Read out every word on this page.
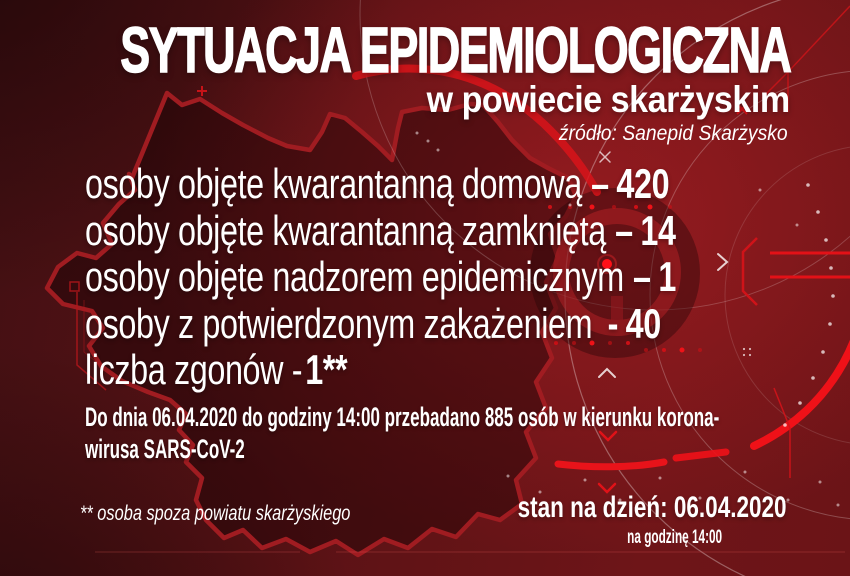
SYTUACJA EPIDEMIOLOGICZNA
w powiecie skarżyskim
źródło: Sanepid Skarżysko
osoby objęte kwarantanną domową – 420
osoby objęte kwarantanną zamkniętą – 14
osoby objęte nadzorem epidemicznym – 1
osoby z potwierdzonym zakażeniem - 40
liczba zgonów -1**
Do dnia 06.04.2020 do godziny 14:00 przebadano 885 osób w kierunku korona-
wirusa SARS-CoV-2
** osoba spoza powiatu skarżyskiego	stan na dzień: 06.04.2020
na godzinę 14:00
